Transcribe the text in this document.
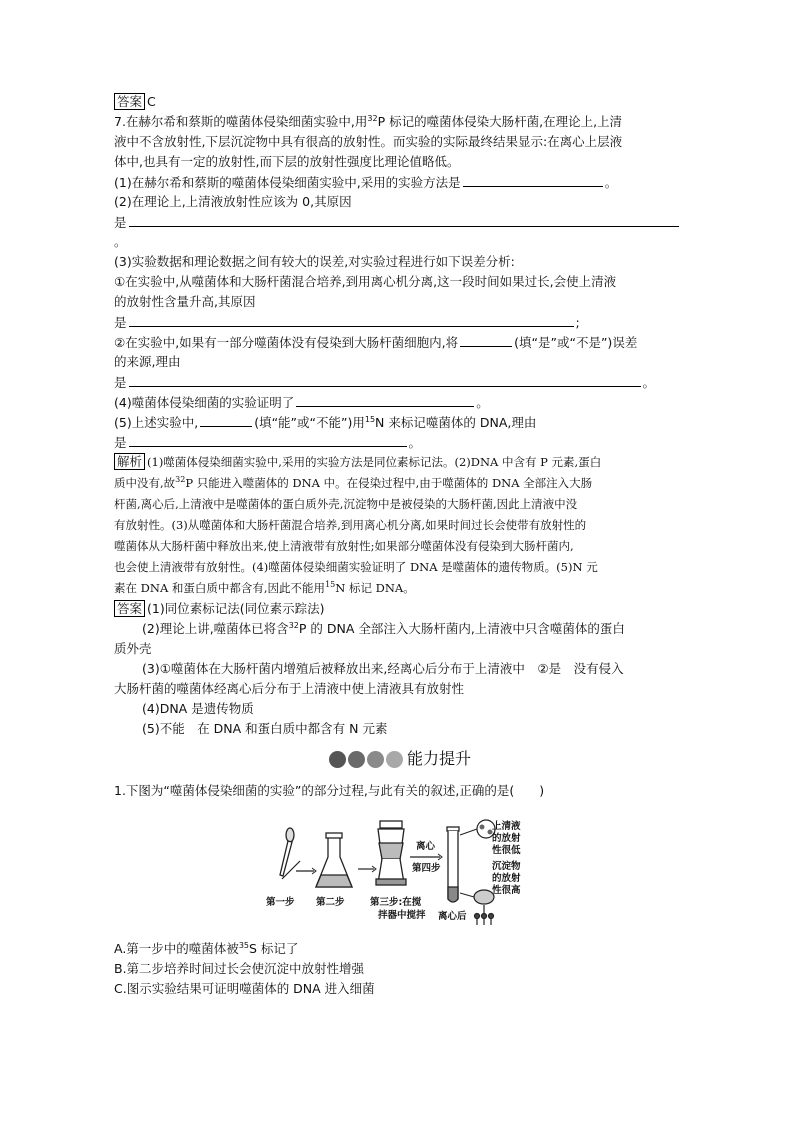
答案 C
7.在赫尔希和蔡斯的噬菌体侵染细菌实验中,用$^{32}$P 标记的噬菌体侵染大肠杆菌,在理论上,上清
液中不含放射性,下层沉淀物中具有很高的放射性。而实验的实际最终结果显示:在离心上层液
体中,也具有一定的放射性,而下层的放射性强度比理论值略低。
(1)在赫尔希和蔡斯的噬菌体侵染细菌实验中,采用的实验方法是	。
(2)在理论上,上清液放射性应该为 0,其原因
是
。
(3)实验数据和理论数据之间有较大的误差,对实验过程进行如下误差分析:
①在实验中,从噬菌体和大肠杆菌混合培养,到用离心机分离,这一段时间如果过长,会使上清液
的放射性含量升高,其原因
是	;
②在实验中,如果有一部分噬菌体没有侵染到大肠杆菌细胞内,将	(填“是”或“不是”)误差
的来源,理由
是	。
(4)噬菌体侵染细菌的实验证明了	。
(5)上述实验中,	(填“能”或“不能”)用$^{15}$N 来标记噬菌体的 DNA,理由
是	。
解析 (1)噬菌体侵染细菌实验中,采用的实验方法是同位素标记法。(2)DNA 中含有 P 元素,蛋白
质中没有,故$^{32}$P 只能进入噬菌体的 DNA 中。在侵染过程中,由于噬菌体的 DNA 全部注入大肠
杆菌,离心后,上清液中是噬菌体的蛋白质外壳,沉淀物中是被侵染的大肠杆菌,因此上清液中没
有放射性。(3)从噬菌体和大肠杆菌混合培养,到用离心机分离,如果时间过长会使带有放射性的
噬菌体从大肠杆菌中释放出来,使上清液带有放射性;如果部分噬菌体没有侵染到大肠杆菌内,
也会使上清液带有放射性。(4)噬菌体侵染细菌实验证明了 DNA 是噬菌体的遗传物质。(5)N 元
素在 DNA 和蛋白质中都含有,因此不能用$^{15}$N 标记 DNA。
答案 (1)同位素标记法(同位素示踪法)
(2)理论上讲,噬菌体已将含$^{32}$P 的 DNA 全部注入大肠杆菌内,上清液中只含噬菌体的蛋白
质外壳
(3)①噬菌体在大肠杆菌内增殖后被释放出来,经离心后分布于上清液中　②是　没有侵入
大肠杆菌的噬菌体经离心后分布于上清液中使上清液具有放射性
(4)DNA 是遗传物质
(5)不能　在 DNA 和蛋白质中都含有 N 元素
能力提升
1.下图为“噬菌体侵染细菌的实验”的部分过程,与此有关的叙述,正确的是(　　)
第一步 第二步	第三步:在搅
拌器中搅拌
离心
第四步
离心后
上清液
的放射
性很低
沉淀物
的放射
性很高
A.第一步中的噬菌体被$^{35}$S 标记了
B.第二步培养时间过长会使沉淀中放射性增强
C.图示实验结果可证明噬菌体的 DNA 进入细菌
